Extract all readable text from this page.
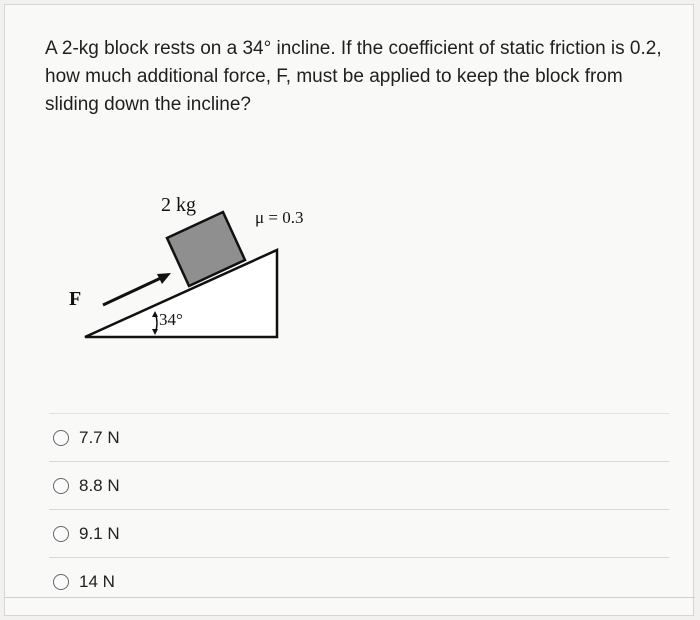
A 2-kg block rests on a 34° incline. If the coefficient of static friction is 0.2, how much additional force, F, must be applied to keep the block from sliding down the incline?

F
2 kg
μ = 0.3
34°
7.7 N
8.8 N
9.1 N
14 N
